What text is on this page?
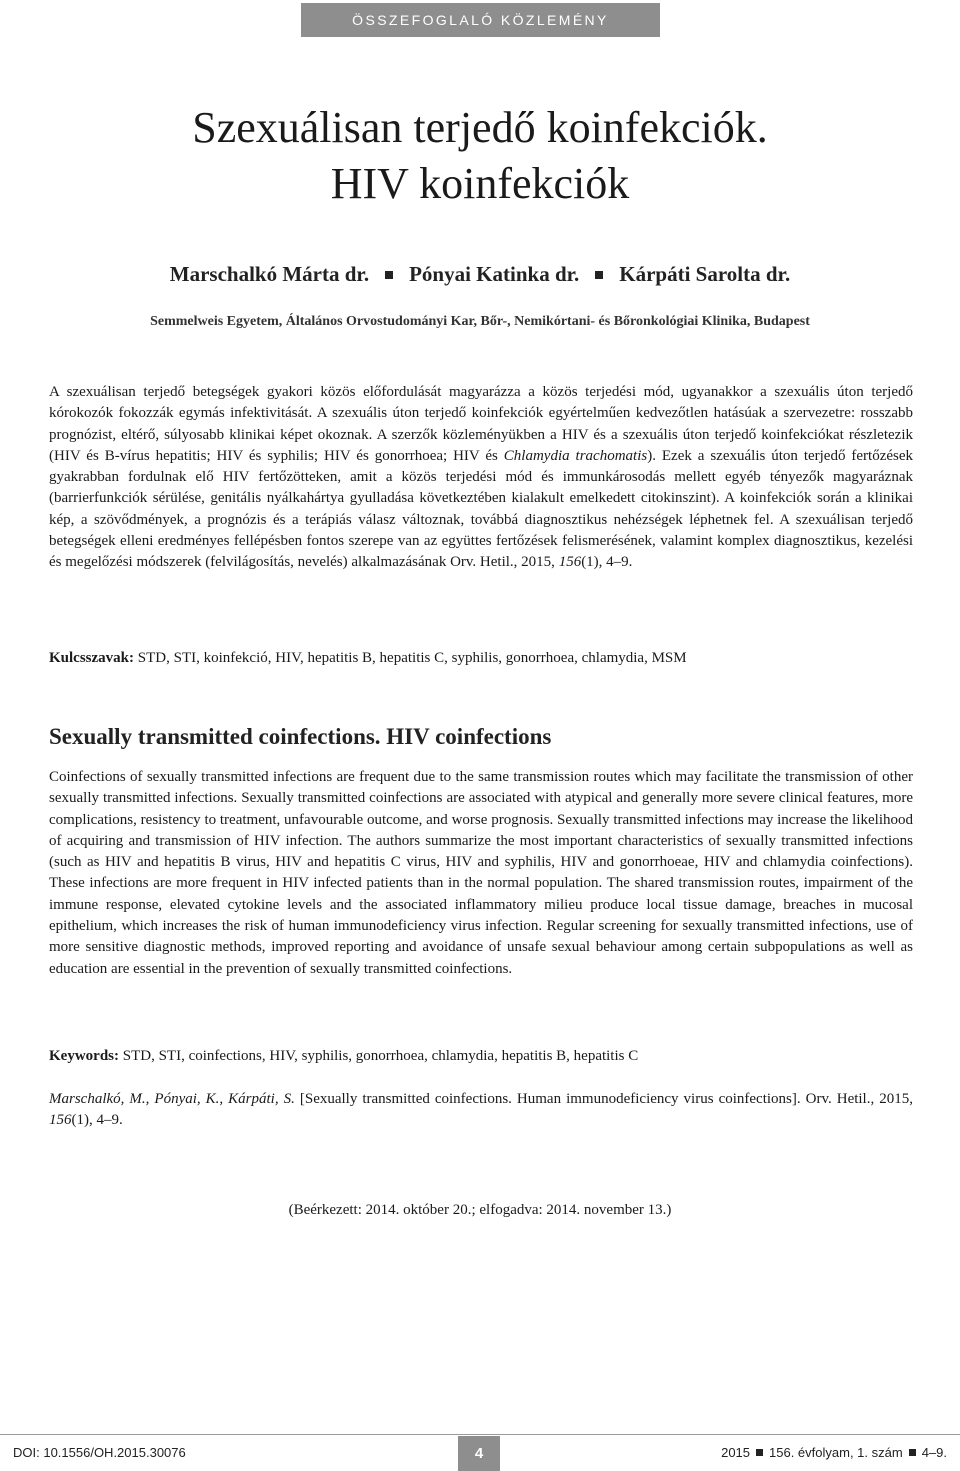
ÖSSZEFOGLALÓ KÖZLEMÉNY
Szexuálisan terjedő koinfekciók.
HIV koinfekciók
Marschalkó Márta dr. Pónyai Katinka dr. Kárpáti Sarolta dr.
Semmelweis Egyetem, Általános Orvostudományi Kar, Bőr-, Nemikórtani- és Bőronkológiai Klinika, Budapest
A szexuálisan terjedő betegségek gyakori közös előfordulását magyarázza a közös terjedési mód, ugyanakkor a szexuális úton terjedő kórokozók fokozzák egymás infektivitását. A szexuális úton terjedő koinfekciók egyértelműen kedvezőtlen hatásúak a szervezetre: rosszabb prognózist, eltérő, súlyosabb klinikai képet okoznak. A szerzők közleményükben a HIV és a szexuális úton terjedő koinfekciókat részletezik (HIV és B-vírus hepatitis; HIV és syphilis; HIV és gonorrhoea; HIV és Chlamydia trachomatis). Ezek a szexuális úton terjedő fertőzések gyakrabban fordulnak elő HIV fertőzötteken, amit a közös terjedési mód és immunkárosodás mellett egyéb tényezők magyaráznak (barrierfunkciók sérülése, genitális nyálkahártya gyulladása következtében kialakult emelkedett citokinszint). A koinfekciók során a klinikai kép, a szövődmények, a prognózis és a terápiás válasz változnak, továbbá diagnosztikus nehézségek léphetnek fel. A szexuálisan terjedő betegségek elleni eredményes fellépésben fontos szerepe van az együttes fertőzések felismerésének, valamint komplex diagnosztikus, kezelési és megelőzési módszerek (felvilágosítás, nevelés) alkalmazásának Orv. Hetil., 2015, 156(1), 4–9.
Kulcsszavak: STD, STI, koinfekció, HIV, hepatitis B, hepatitis C, syphilis, gonorrhoea, chlamydia, MSM
Sexually transmitted coinfections. HIV coinfections
Coinfections of sexually transmitted infections are frequent due to the same transmission routes which may facilitate the transmission of other sexually transmitted infections. Sexually transmitted coinfections are associated with atypical and generally more severe clinical features, more complications, resistency to treatment, unfavourable outcome, and worse prognosis. Sexually transmitted infections may increase the likelihood of acquiring and transmission of HIV infection. The authors summarize the most important characteristics of sexually transmitted infections (such as HIV and hepatitis B virus, HIV and hepatitis C virus, HIV and syphilis, HIV and gonorrhoeae, HIV and chlamydia coinfections). These infections are more frequent in HIV infected patients than in the normal population. The shared transmission routes, impairment of the immune response, elevated cytokine levels and the associated inflammatory milieu produce local tissue damage, breaches in mucosal epithelium, which increases the risk of human immunodeficiency virus infection. Regular screening for sexually transmitted infections, use of more sensitive diagnostic methods, improved reporting and avoidance of unsafe sexual behaviour among certain subpopulations as well as education are essential in the prevention of sexually transmitted coinfections.
Keywords: STD, STI, coinfections, HIV, syphilis, gonorrhoea, chlamydia, hepatitis B, hepatitis C
Marschalkó, M., Pónyai, K., Kárpáti, S. [Sexually transmitted coinfections. Human immunodeficiency virus coinfections]. Orv. Hetil., 2015, 156(1), 4–9.
(Beérkezett: 2014. október 20.; elfogadva: 2014. november 13.)
DOI: 10.1556/OH.2015.30076	4	2015 156. évfolyam, 1. szám 4–9.
